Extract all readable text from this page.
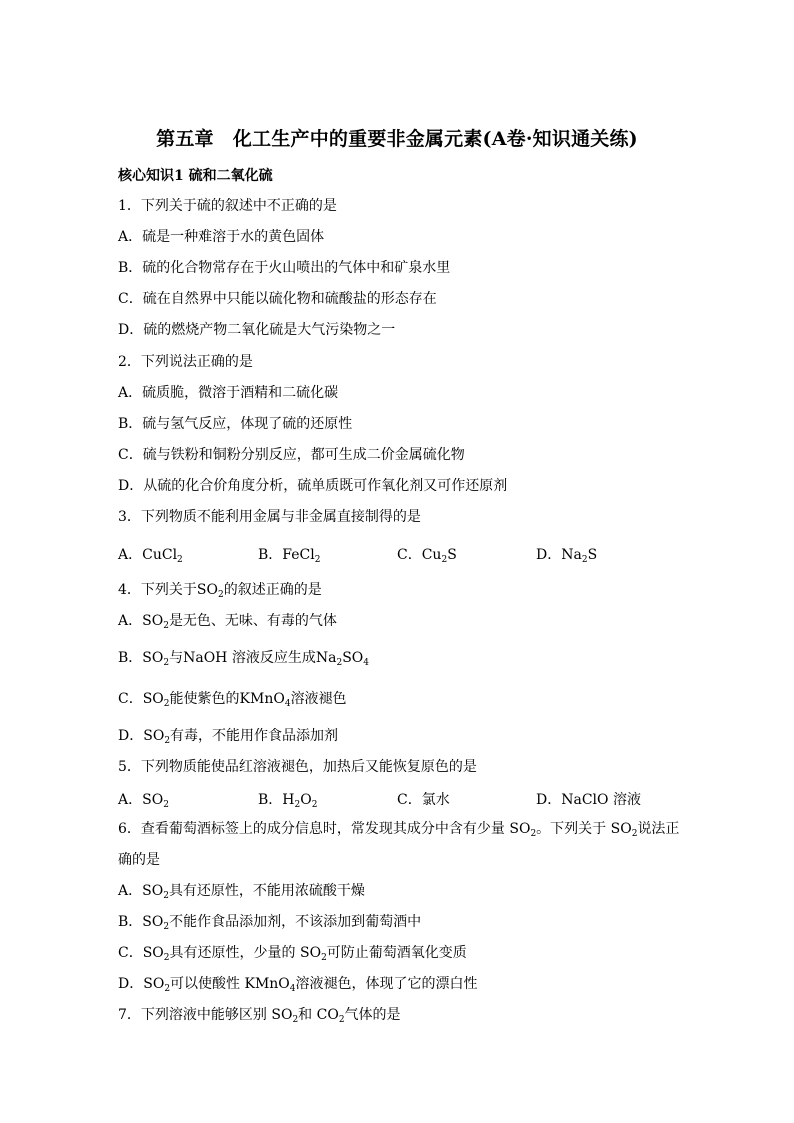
第五章　化工生产中的重要非金属元素(A卷·知识通关练)
核心知识1 硫和二氧化硫
1．下列关于硫的叙述中不正确的是
A．硫是一种难溶于水的黄色固体
B．硫的化合物常存在于火山喷出的气体中和矿泉水里
C．硫在自然界中只能以硫化物和硫酸盐的形态存在
D．硫的燃烧产物二氧化硫是大气污染物之一
2．下列说法正确的是
A．硫质脆，微溶于酒精和二硫化碳
B．硫与氢气反应，体现了硫的还原性
C．硫与铁粉和铜粉分别反应，都可生成二价金属硫化物
D．从硫的化合价角度分析，硫单质既可作氧化剂又可作还原剂
3．下列物质不能利用金属与非金属直接制得的是
A．CuCl$_2$	B．FeCl$_2$	C．$Cu_2S$	D．$Na_2S$
4．下列关于$SO_2$的叙述正确的是
A．$SO_2$是无色、无味、有毒的气体
B．$SO_2$与NaOH 溶液反应生成$Na_2SO_4$
C．$SO_2$能使紫色的KMnO$_4$溶液褪色
D．$SO_2$有毒，不能用作食品添加剂
5．下列物质能使品红溶液褪色，加热后又能恢复原色的是
A．$SO_2$	B．$H_2O_2$	C．氯水	D．NaClO 溶液
6．查看葡萄酒标签上的成分信息时，常发现其成分中含有少量 $SO_2$。下列关于 $SO_2$说法正
确的是
A．$SO_2$具有还原性，不能用浓硫酸干燥
B．$SO_2$不能作食品添加剂，不该添加到葡萄酒中
C．$SO_2$具有还原性，少量的 $SO_2$可防止葡萄酒氧化变质
D．$SO_2$可以使酸性 KMnO$_4$溶液褪色，体现了它的漂白性
7．下列溶液中能够区别 $SO_2$和 $CO_2$气体的是
